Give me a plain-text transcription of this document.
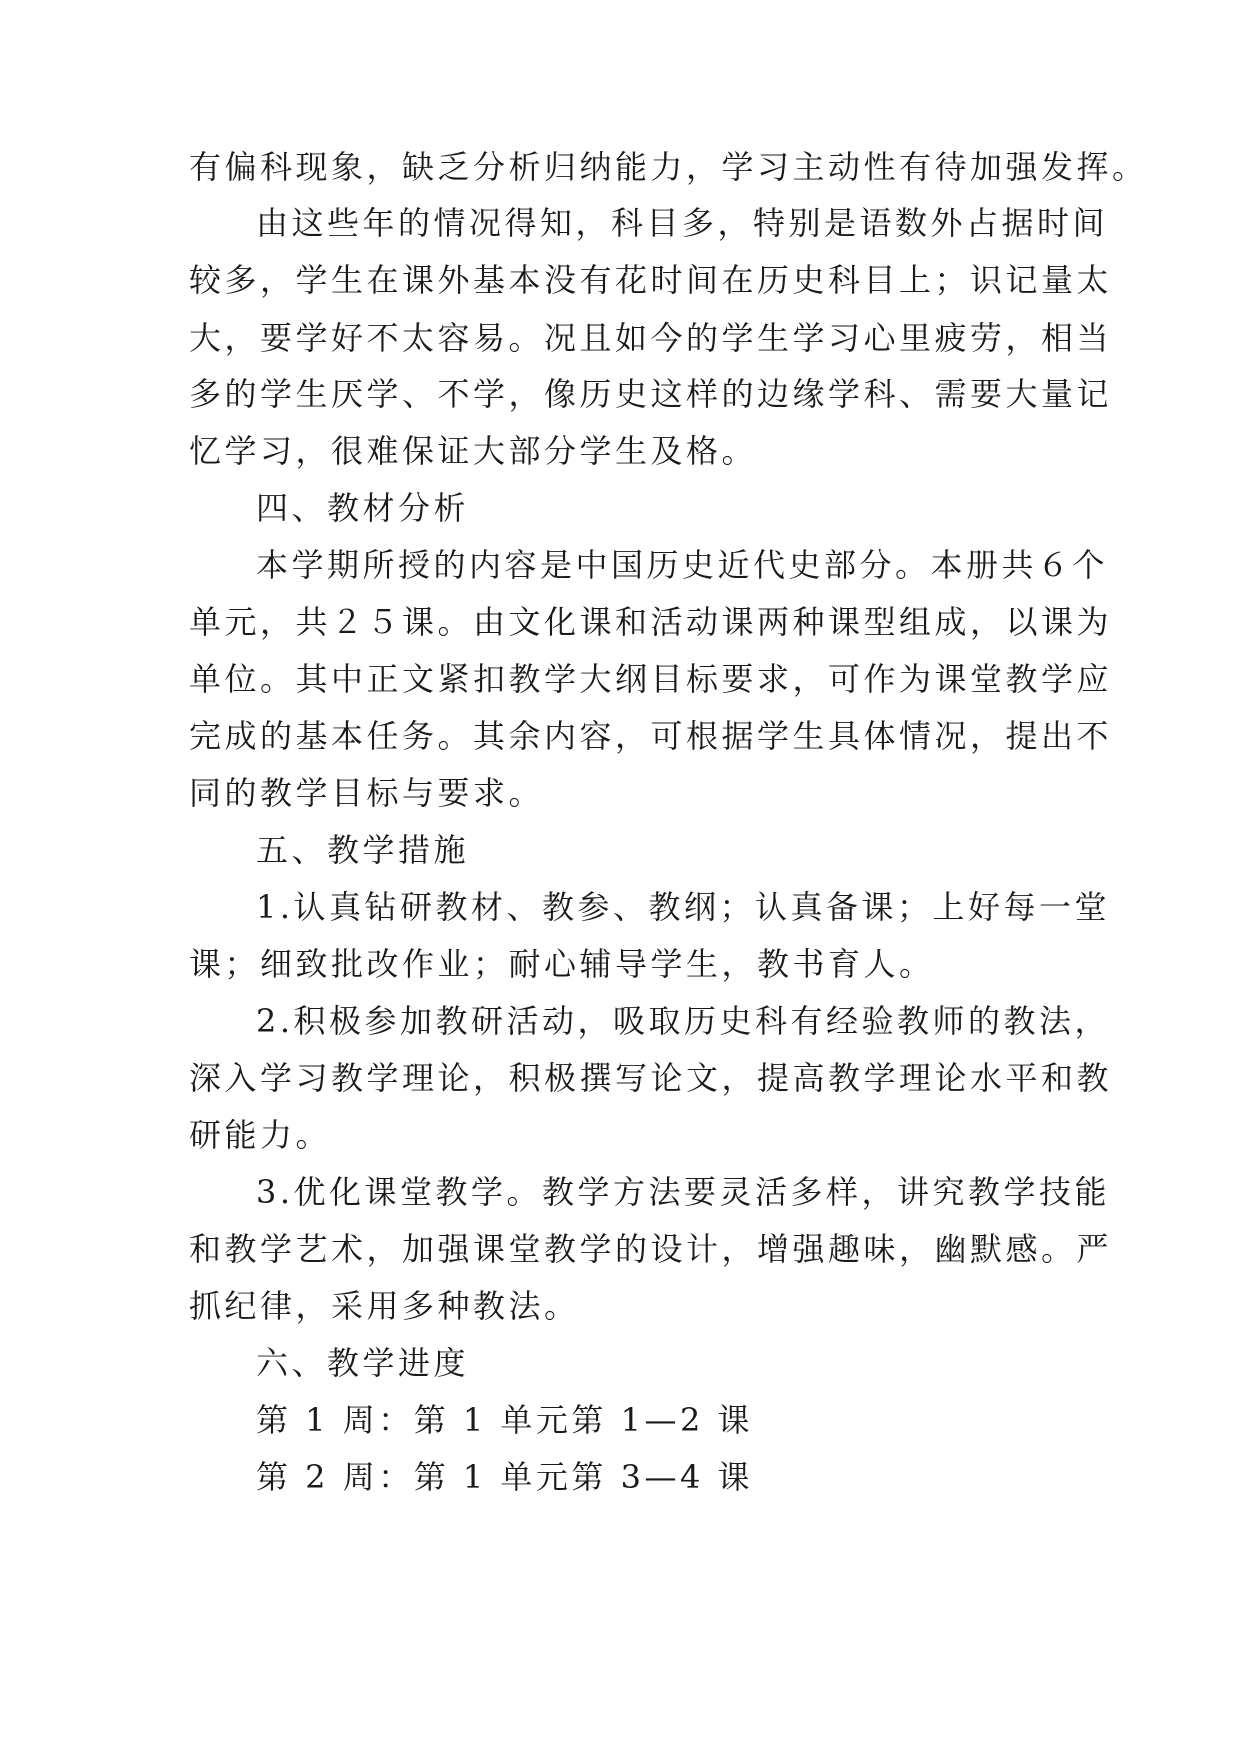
有偏科现象，缺乏分析归纳能力，学习主动性有待加强发挥。
由这些年的情况得知，科目多，特别是语数外占据时间
较多，学生在课外基本没有花时间在历史科目上；识记量太
大，要学好不太容易。况且如今的学生学习心里疲劳，相当
多的学生厌学、不学，像历史这样的边缘学科、需要大量记
忆学习，很难保证大部分学生及格。
四、教材分析
本学期所授的内容是中国历史近代史部分。本册共６个
单元，共２５课。由文化课和活动课两种课型组成，以课为
单位。其中正文紧扣教学大纲目标要求，可作为课堂教学应
完成的基本任务。其余内容，可根据学生具体情况，提出不
同的教学目标与要求。
五、教学措施
1.认真钻研教材、教参、教纲；认真备课；上好每一堂
课；细致批改作业；耐心辅导学生，教书育人。
2.积极参加教研活动，吸取历史科有经验教师的教法，
深入学习教学理论，积极撰写论文，提高教学理论水平和教
研能力。
3.优化课堂教学。教学方法要灵活多样，讲究教学技能
和教学艺术，加强课堂教学的设计，增强趣味，幽默感。严
抓纪律，采用多种教法。
六、教学进度
第 1 周：第 1 单元第 1—2 课
第 2 周：第 1 单元第 3—4 课
